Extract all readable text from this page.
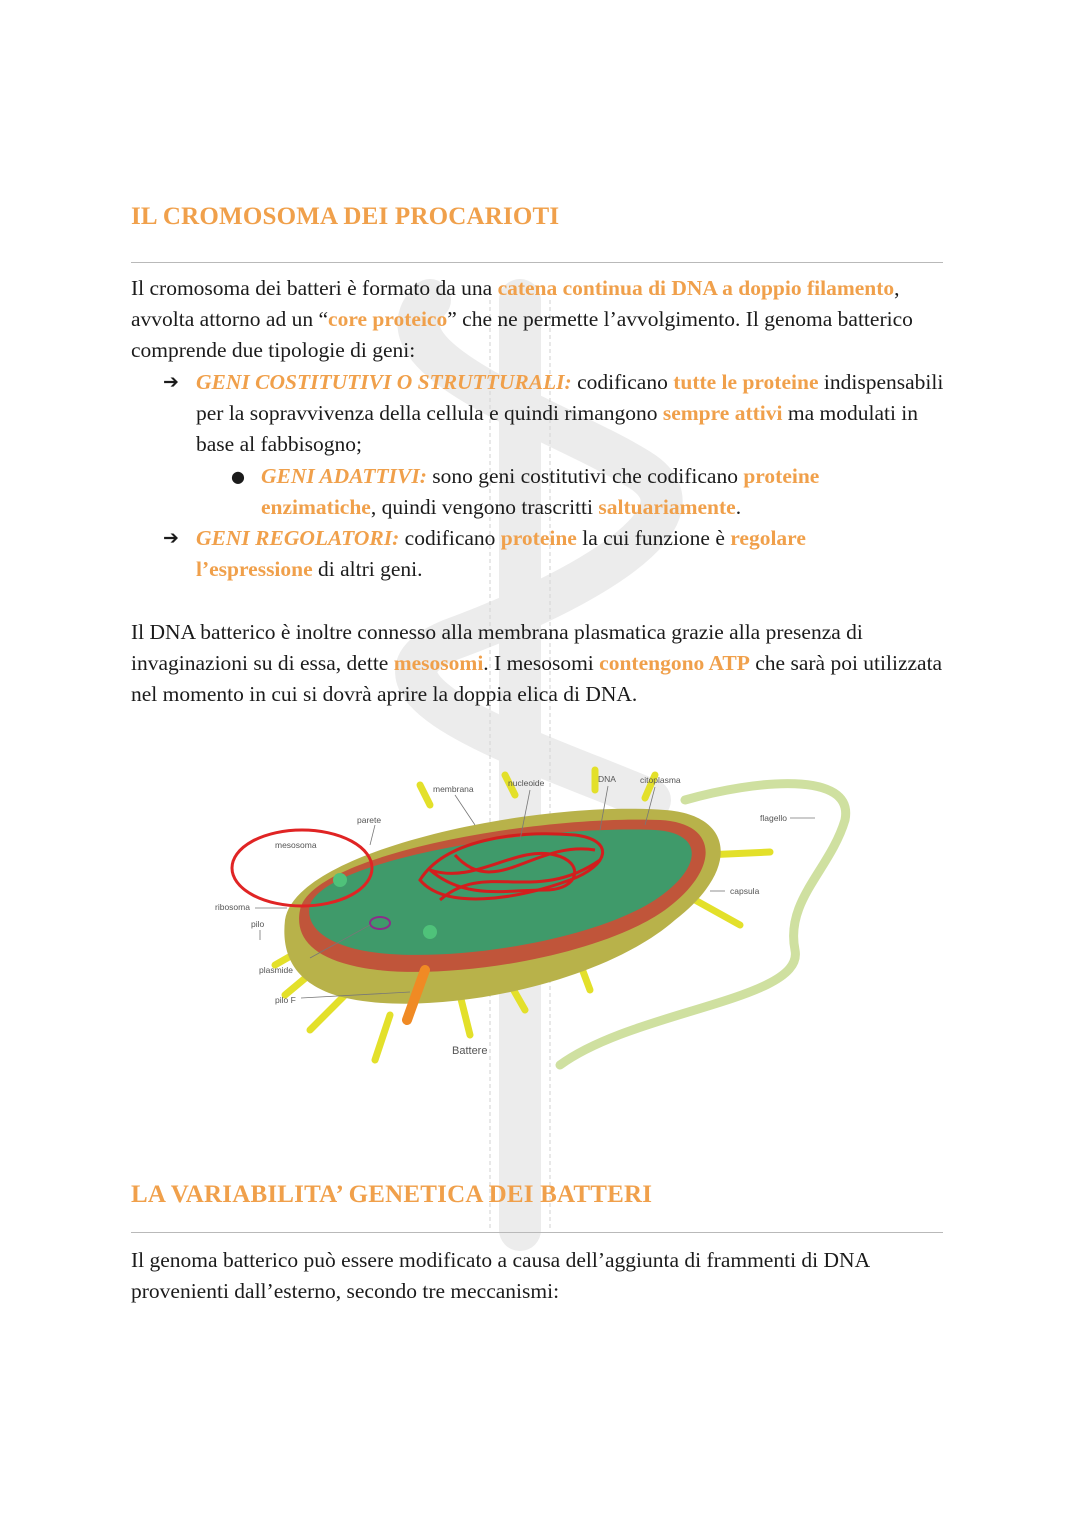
IL CROMOSOMA DEI PROCARIOTI

Il cromosoma dei batteri è formato da una catena continua di DNA a doppio filamento, avvolta attorno ad un “core proteico” che ne permette l’avvolgimento. Il genoma batterico comprende due tipologie di geni:

➔ GENI COSTITUTIVI O STRUTTURALI: codificano tutte le proteine indispensabili per la sopravvivenza della cellula e quindi rimangono sempre attivi ma modulati in base al fabbisogno;

● GENI ADATTIVI: sono geni costitutivi che codificano proteine enzimatiche, quindi vengono trascritti saltuariamente.

➔ GENI REGOLATORI: codificano proteine la cui funzione è regolare l’espressione di altri geni.

Il DNA batterico è inoltre connesso alla membrana plasmatica grazie alla presenza di invaginazioni su di essa, dette mesosomi. I mesosomi contengono ATP che sarà poi utilizzata nel momento in cui si dovrà aprire la doppia elica di DNA.

LA VARIABILITA’ GENETICA DEI BATTERI

Il genoma batterico può essere modificato a causa dell’aggiunta di frammenti di DNA provenienti dall’esterno, secondo tre meccanismi:

membrana
nucleoide	DNA	citoplasma
parete	flagello
mesosoma
capsula
ribosoma
pilo
plasmide
pilo F
Battere
